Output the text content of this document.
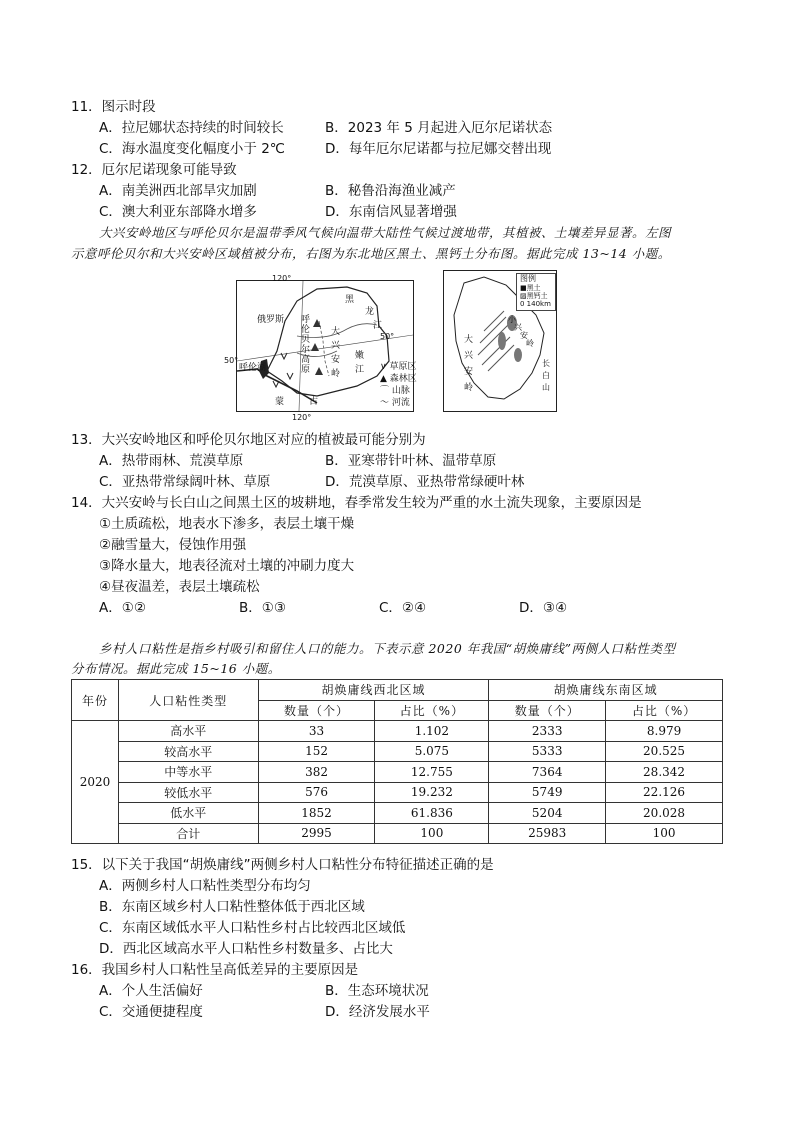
11．图示时段
A．拉尼娜状态持续的时间较长	B．2023 年 5 月起进入厄尔尼诺状态
C．海水温度变化幅度小于 2℃	D．每年厄尔尼诺都与拉尼娜交替出现
12．厄尔尼诺现象可能导致
A．南美洲西北部旱灾加剧	B．秘鲁沿海渔业减产
C．澳大利亚东部降水增多	D．东南信风显著增强
大兴安岭地区与呼伦贝尔是温带季风气候向温带大陆性气候过渡地带，其植被、土壤差异显著。左图
示意呼伦贝尔和大兴安岭区域植被分布，右图为东北地区黑土、黑钙土分布图。据此完成 13~14 小题。
俄罗斯
黑
龙
江
呼
伦
贝
尔
高
原
大
兴
安
岭
嫩
江
呼伦湖
蒙	古
120°
120°
50°
50°
∨ 草原区
▲ 森林区
⌒ 山脉
～ 河流
图例
■黑土
▨黑钙土
0 140km
小
兴
安
岭
大
兴
安
岭
长
白
山
13．大兴安岭地区和呼伦贝尔地区对应的植被最可能分别为
A．热带雨林、荒漠草原	B．亚寒带针叶林、温带草原
C．亚热带常绿阔叶林、草原	D．荒漠草原、亚热带常绿硬叶林
14．大兴安岭与长白山之间黑土区的坡耕地，春季常发生较为严重的水土流失现象，主要原因是
①土质疏松，地表水下渗多，表层土壤干燥
②融雪量大，侵蚀作用强
③降水量大，地表径流对土壤的冲刷力度大
④昼夜温差，表层土壤疏松
A．①②	B．①③	C．②④	D．③④
乡村人口粘性是指乡村吸引和留住人口的能力。下表示意 2020 年我国“胡焕庸线”两侧人口粘性类型
分布情况。据此完成 15~16 小题。
年份	人口粘性类型	胡焕庸线西北区域		胡焕庸线东南区域	
		数量（个）	占比（%）	数量（个）	占比（%）
2020	高水平	33	1.102	2333	8.979
	较高水平	152	5.075	5333	20.525
	中等水平	382	12.755	7364	28.342
	较低水平	576	19.232	5749	22.126
	低水平	1852	61.836	5204	20.028
	合计	2995	100	25983	100
15．以下关于我国“胡焕庸线”两侧乡村人口粘性分布特征描述正确的是
A．两侧乡村人口粘性类型分布均匀
B．东南区域乡村人口粘性整体低于西北区域
C．东南区域低水平人口粘性乡村占比较西北区域低
D．西北区域高水平人口粘性乡村数量多、占比大
16．我国乡村人口粘性呈高低差异的主要原因是
A．个人生活偏好	B．生态环境状况
C．交通便捷程度	D．经济发展水平
